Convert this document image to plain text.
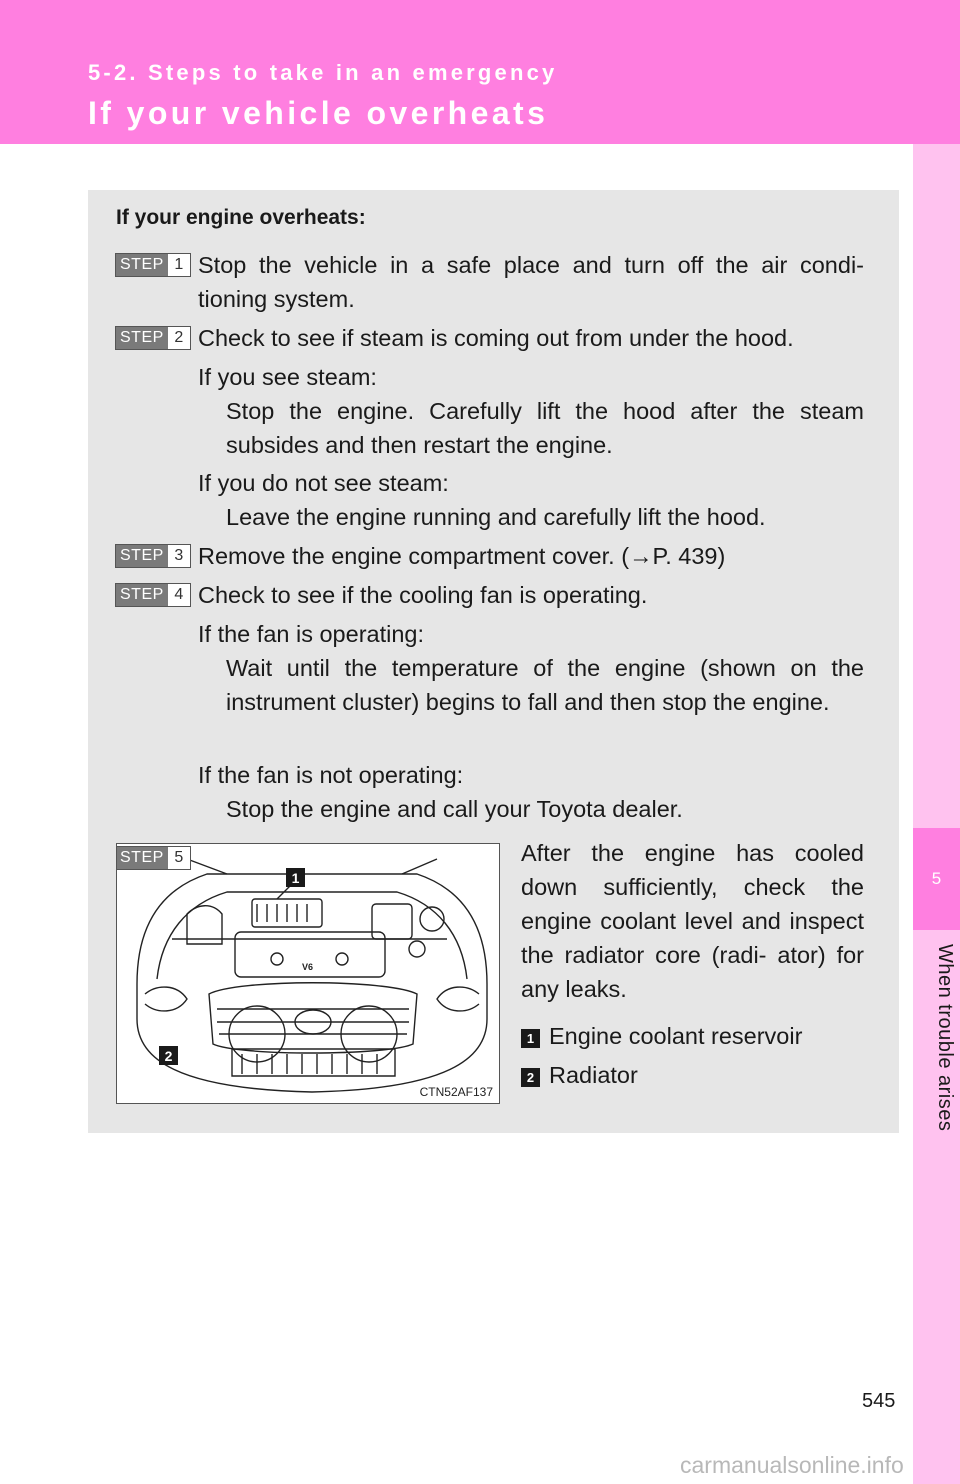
5-2. Steps to take in an emergency
If your vehicle overheats
5
When trouble arises
If your engine overheats:
STEP 1 Stop the vehicle in a safe place and turn off the air condi- tioning system.
STEP 2 Check to see if steam is coming out from under the hood.
If you see steam:
Stop the engine. Carefully lift the hood after the steam subsides and then restart the engine.
If you do not see steam:
Leave the engine running and carefully lift the hood.
STEP 3 Remove the engine compartment cover. (→P. 439)
STEP 4 Check to see if the cooling fan is operating.
If the fan is operating:
Wait until the temperature of the engine (shown on the instrument cluster) begins to fall and then stop the engine.
If the fan is not operating:
Stop the engine and call your Toyota dealer.
STEP 5
V6
1
2
CTN52AF137
After the engine has cooled down sufficiently, check the engine coolant level and inspect the radiator core (radi- ator) for any leaks.
1 Engine coolant reservoir
2 Radiator
545
carmanualsonline.info
